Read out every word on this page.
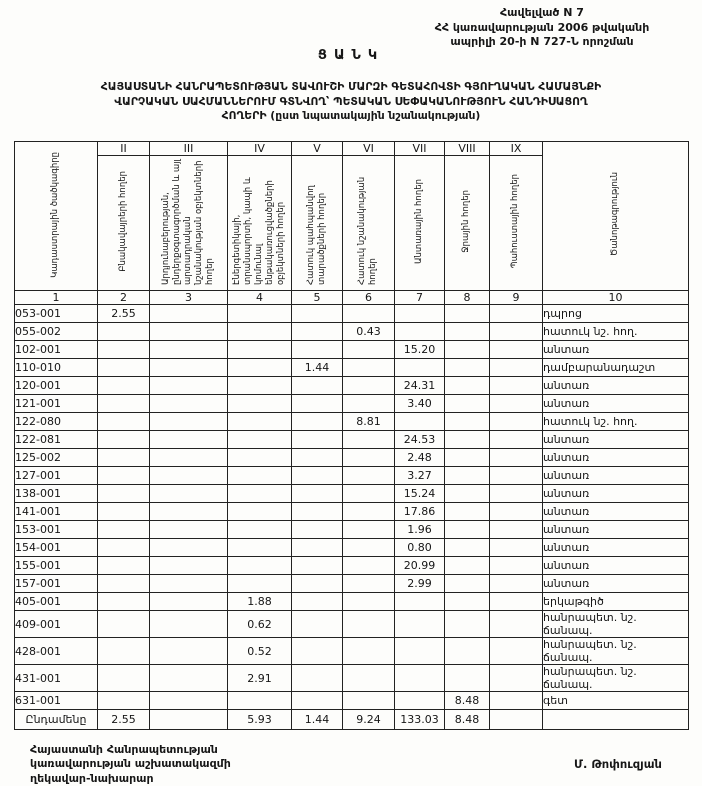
Հավելված N 7
ՀՀ կառավարության 2006 թվականի
ապրիլի 20-ի N 727-Ն որոշման
ՑԱՆԿ
ՀԱՅԱՍՏԱՆԻ ՀԱՆՐԱՊԵՏՈՒԹՅԱՆ ՏԱՎՈՒՇԻ ՄԱՐԶԻ ԳԵՏԱՀՈՎՏԻ ԳՅՈՒՂԱԿԱՆ ՀԱՄԱՅՆՔԻ
ՎԱՐՉԱԿԱՆ ՍԱՀՄԱՆՆԵՐՈՒՄ ԳՏՆՎՈՂ՝ ՊԵՏԱԿԱՆ ՍԵՓԱԿԱՆՈՒԹՅՈՒՆ ՀԱՆԴԻՍԱՑՈՂ
ՀՈՂԵՐԻ (ըստ նպատակային նշանակության)
Կադաստրային ծածկագիրը	II	III	IV	V	VI	VII	VIII	IX	Ծանոթագրություն
	Բնակավայրերի հողեր	Արդյունաբերության, ընդերքօգտագործման և այլ արտադրական նշանակության օբյեկտների հողեր	Էներգետիկայի, տրանսպորտի, կապի և կոմունալ ենթակառուցվածքների օբյեկտների հողեր	Հատուկ պահպանվող տարածքների հողեր	Հատուկ նշանակության հողեր	Անտառային հողեր	Ջրային հողեր	Պահուստային հողեր	
1	2	3	4	5	6	7	8	9	10
053-001	2.55								դպրոց
055-002					0.43				հատուկ նշ. հող.
102-001						15.20			անտառ
110-010				1.44					դամբարանադաշտ
120-001						24.31			անտառ
121-001						3.40			անտառ
122-080					8.81				հատուկ նշ. հող.
122-081						24.53			անտառ
125-002						2.48			անտառ
127-001						3.27			անտառ
138-001						15.24			անտառ
141-001						17.86			անտառ
153-001						1.96			անտառ
154-001						0.80			անտառ
155-001						20.99			անտառ
157-001						2.99			անտառ
405-001			1.88						երկաթգիծ
409-001			0.62						հանրապետ. նշ. ճանապ.
428-001			0.52						հանրապետ. նշ. ճանապ.
431-001			2.91						հանրապետ. նշ. ճանապ.
631-001							8.48		գետ
Ընդամենը	2.55		5.93	1.44	9.24	133.03	8.48		
Հայաստանի Հանրապետության
կառավարության աշխատակազմի
ղեկավար-նախարար
Մ. Թոփուզյան
